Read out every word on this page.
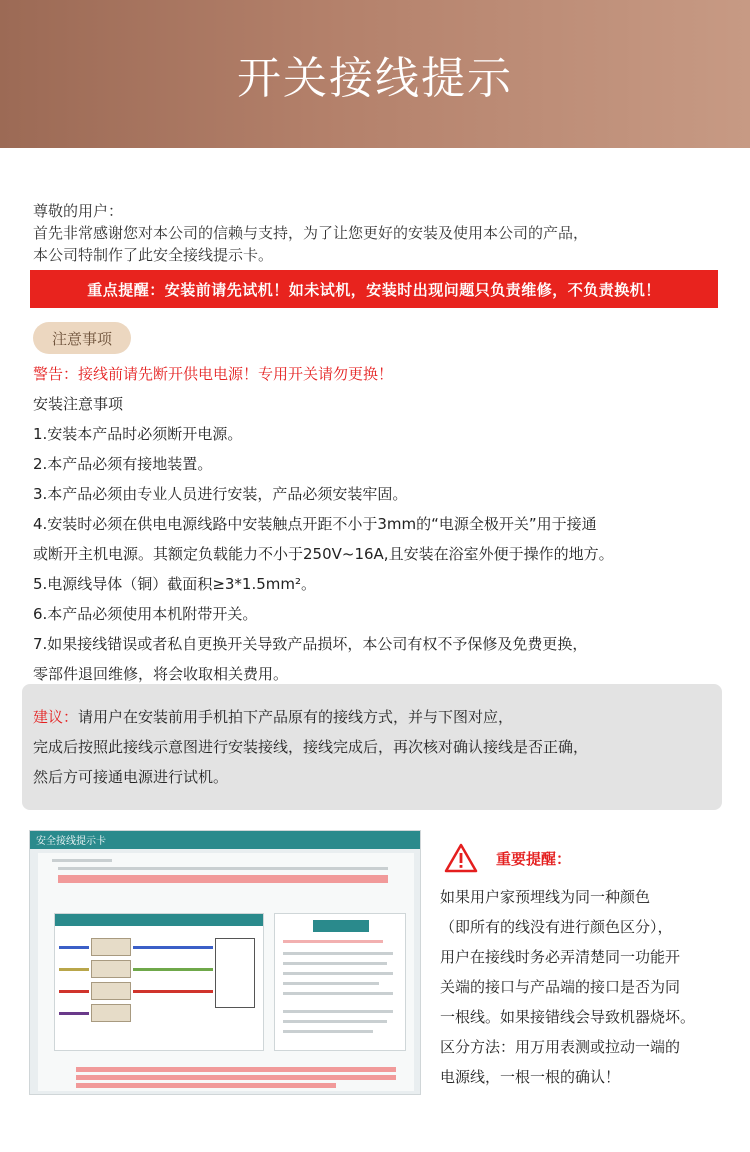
开关接线提示
尊敬的用户：
首先非常感谢您对本公司的信赖与支持，为了让您更好的安装及使用本公司的产品，
本公司特制作了此安全接线提示卡。
重点提醒：安装前请先试机！如未试机，安装时出现问题只负责维修，不负责换机！
注意事项
警告：接线前请先断开供电电源！专用开关请勿更换！
安装注意事项
1.安装本产品时必须断开电源。
2.本产品必须有接地装置。
3.本产品必须由专业人员进行安装，产品必须安装牢固。
4.安装时必须在供电电源线路中安装触点开距不小于3mm的“电源全极开关”用于接通
或断开主机电源。其额定负载能力不小于250V~16A,且安装在浴室外便于操作的地方。
5.电源线导体（铜）截面积≥3*1.5mm²。
6.本产品必须使用本机附带开关。
7.如果接线错误或者私自更换开关导致产品损坏，本公司有权不予保修及免费更换，
零部件退回维修，将会收取相关费用。
建议：请用户在安装前用手机拍下产品原有的接线方式，并与下图对应，
完成后按照此接线示意图进行安装接线，接线完成后，再次核对确认接线是否正确，
然后方可接通电源进行试机。
安全接线提示卡
重要提醒：
如果用户家预埋线为同一种颜色
（即所有的线没有进行颜色区分），
用户在接线时务必弄清楚同一功能开
关端的接口与产品端的接口是否为同
一根线。如果接错线会导致机器烧坏。
区分方法：用万用表测或拉动一端的
电源线，一根一根的确认！
